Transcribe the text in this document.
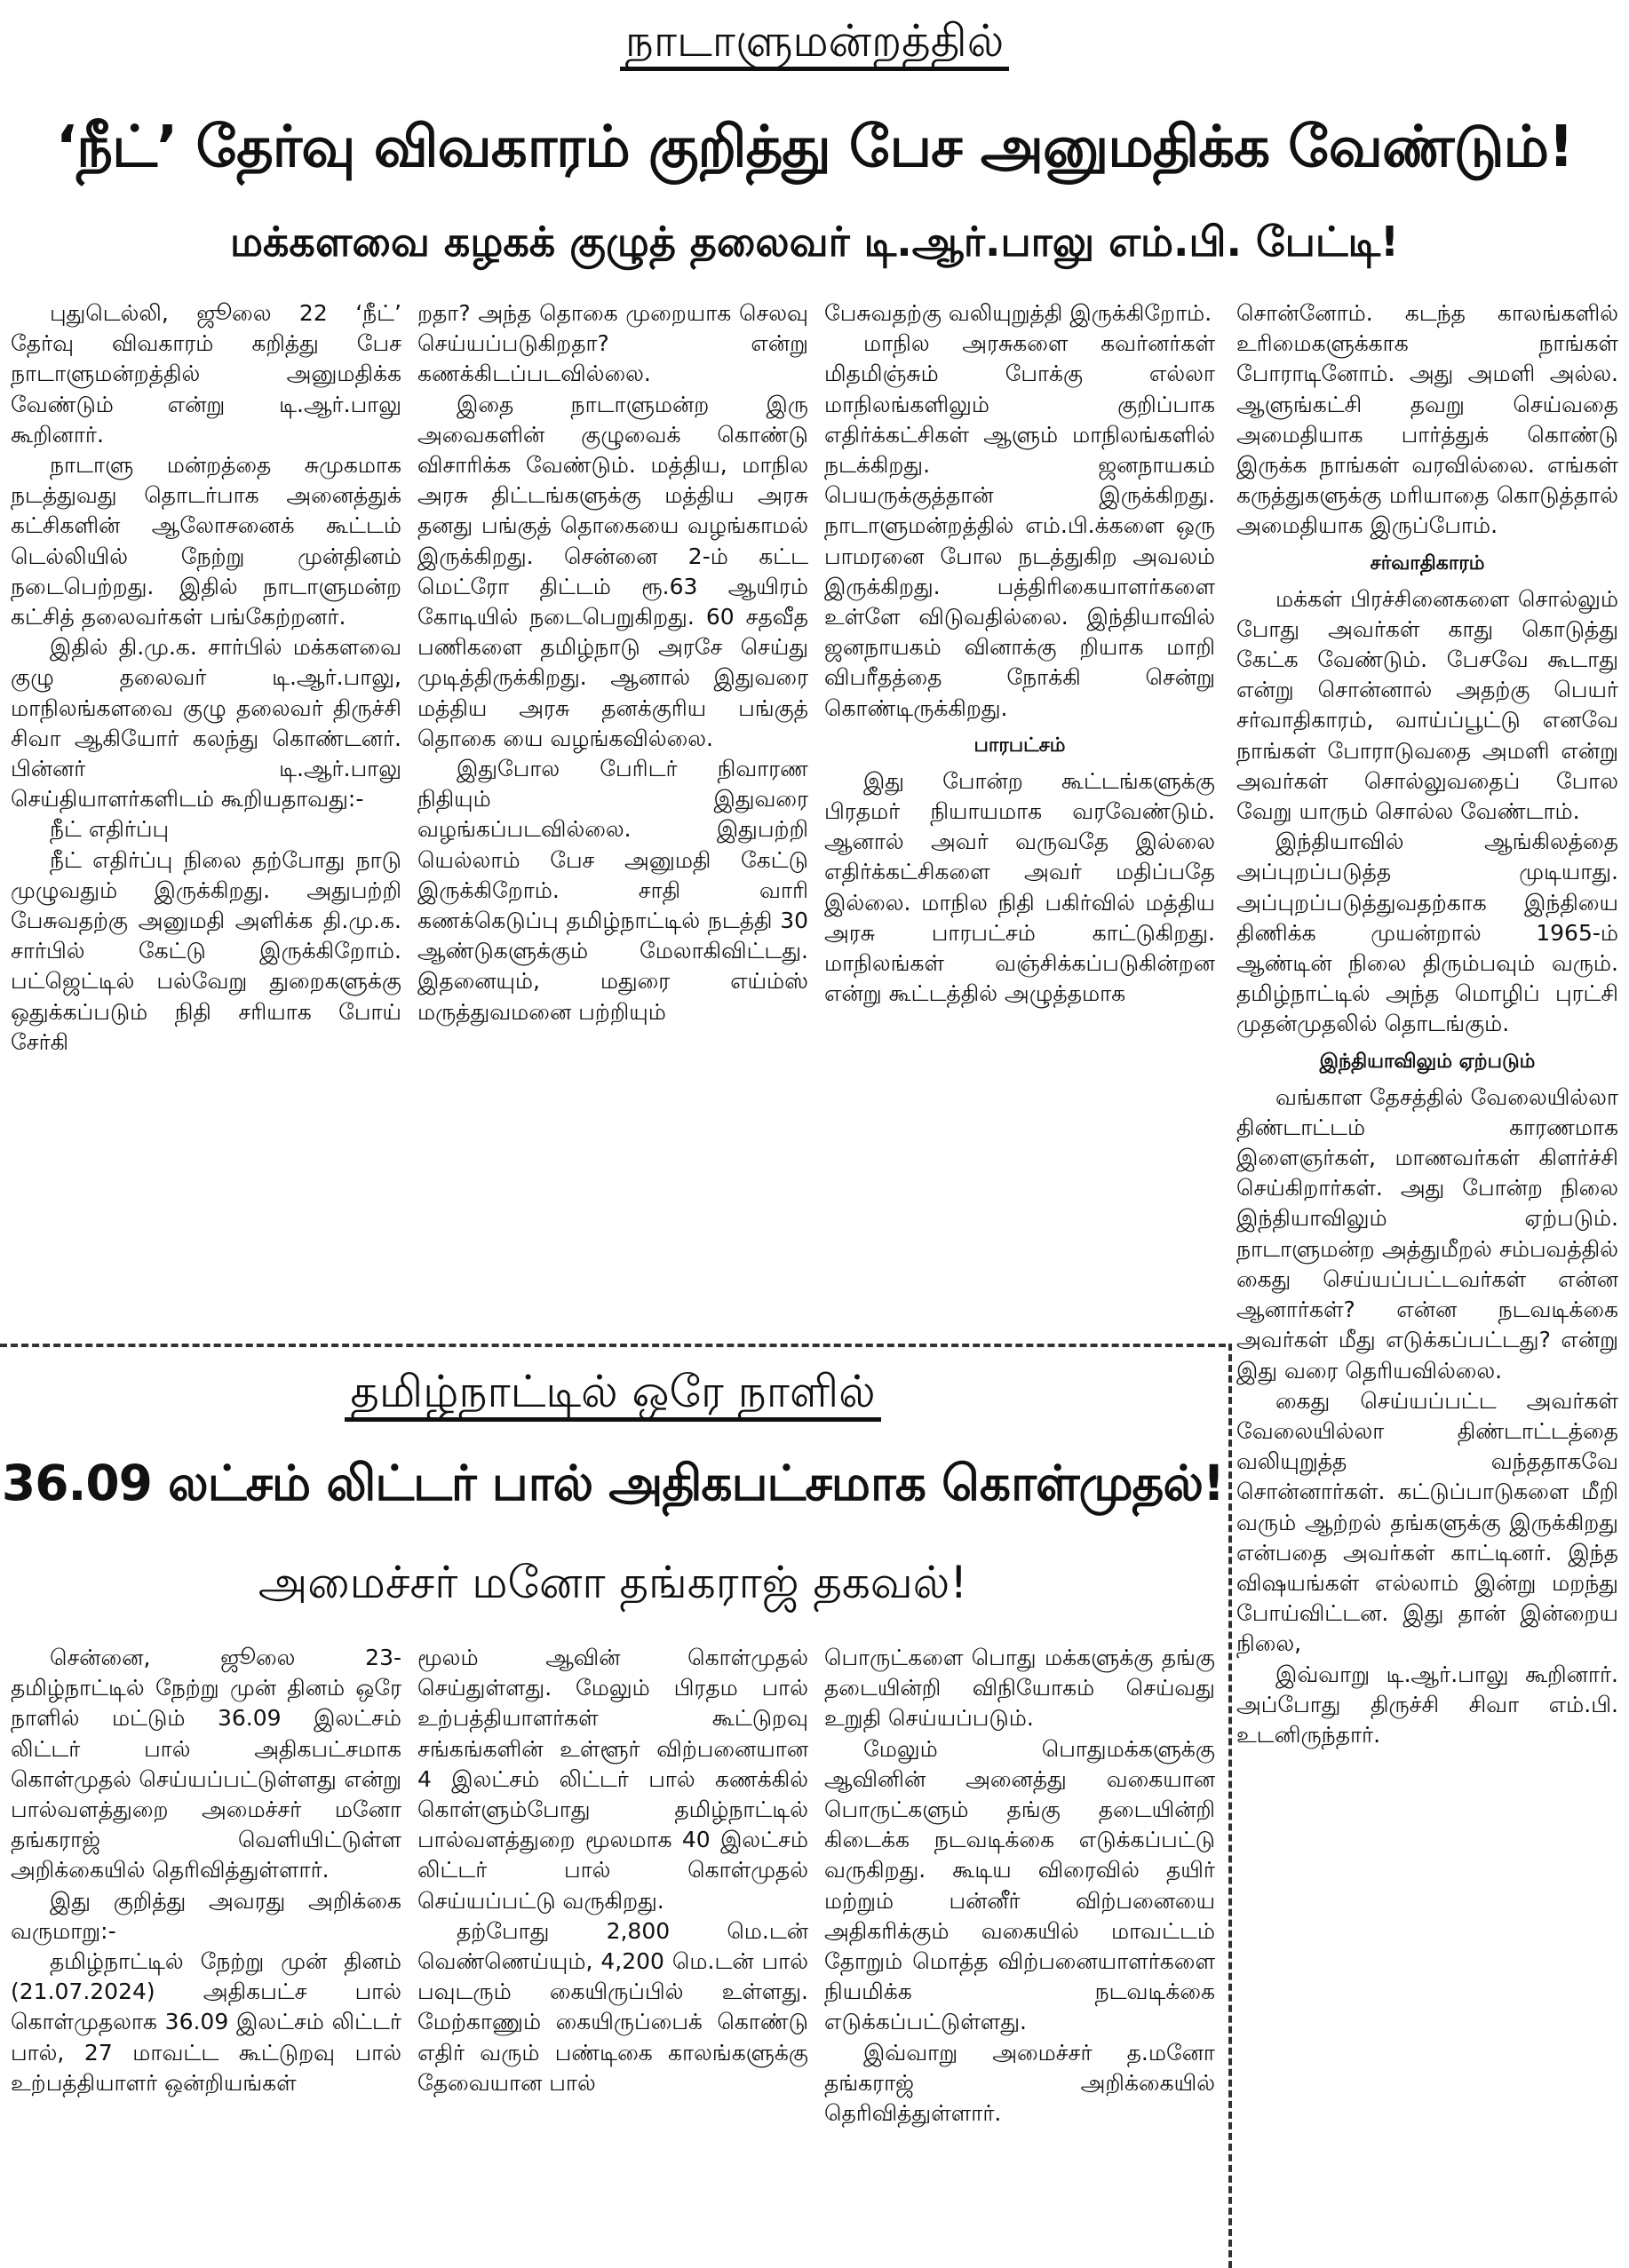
நாடாளுமன்றத்தில்
‘நீட்’ தேர்வு விவகாரம் குறித்து பேச அனுமதிக்க வேண்டும்!
மக்களவை கழகக் குழுத் தலைவர் டி.ஆர்.பாலு எம்.பி. பேட்டி!

புதுடெல்லி, ஜூலை 22 ‘நீட்’ தேர்வு விவகாரம் கறித்து பேச நாடாளுமன்றத்தில் அனுமதிக்க வேண்டும் என்று டி.ஆர்.பாலு கூறினார்.

நாடாளு மன்றத்தை சுமுகமாக நடத்துவது தொடர்பாக அனைத்துக் கட்சிகளின் ஆலோசனைக் கூட்டம் டெல்லியில் நேற்று முன்தினம் நடைபெற்றது. இதில் நாடாளுமன்ற கட்சித் தலைவர்கள் பங்கேற்றனர்.

இதில் தி.மு.க. சார்பில் மக்களவை குழு தலைவர் டி.ஆர்.பாலு, மாநிலங்களவை குழு தலைவர் திருச்சி சிவா ஆகியோர் கலந்து கொண்டனர். பின்னர் டி.ஆர்.பாலு செய்தியாளர்களிடம் கூறியதாவது:-

நீட் எதிர்ப்பு

நீட் எதிர்ப்பு நிலை தற்போது நாடு முழுவதும் இருக்கிறது. அதுபற்றி பேசுவதற்கு அனுமதி அளிக்க தி.மு.க. சார்பில் கேட்டு இருக்கிறோம். பட்ஜெட்டில் பல்வேறு துறைகளுக்கு ஒதுக்கப்படும் நிதி சரியாக போய் சேர்கி

றதா? அந்த தொகை முறையாக செலவு செய்யப்படுகிறதா? என்று கணக்கிடப்படவில்லை.

இதை நாடாளுமன்ற இரு அவைகளின் குழுவைக் கொண்டு விசாரிக்க வேண்டும். மத்திய, மாநில அரசு திட்டங்களுக்கு மத்திய அரசு தனது பங்குத் தொகையை வழங்காமல் இருக்கிறது. சென்னை 2-ம் கட்ட மெட்ரோ திட்டம் ரூ.63 ஆயிரம் கோடியில் நடைபெறுகிறது. 60 சதவீத பணிகளை தமிழ்நாடு அரசே செய்து முடித்திருக்கிறது. ஆனால் இதுவரை மத்திய அரசு தனக்குரிய பங்குத் தொகை யை வழங்கவில்லை.

இதுபோல பேரிடர் நிவாரண நிதியும் இதுவரை வழங்கப்படவில்லை. இதுபற்றி யெல்லாம் பேச அனுமதி கேட்டு இருக்கிறோம். சாதி வாரி கணக்கெடுப்பு தமிழ்நாட்டில் நடத்தி 30 ஆண்டுகளுக்கும் மேலாகிவிட்டது. இதனையும், மதுரை எய்ம்ஸ் மருத்துவமனை பற்றியும்

பேசுவதற்கு வலியுறுத்தி இருக்கிறோம்.

மாநில அரசுகளை கவர்னர்கள் மிதமிஞ்சும் போக்கு எல்லா மாநிலங்களிலும் குறிப்பாக எதிர்க்கட்சிகள் ஆளும் மாநிலங்களில் நடக்கிறது. ஜனநாயகம் பெயருக்குத்தான் இருக்கிறது. நாடாளுமன்றத்தில் எம்.பி.க்களை ஒரு பாமரனை போல நடத்துகிற அவலம் இருக்கிறது. பத்திரிகையாளர்களை உள்ளே விடுவதில்லை. இந்தியாவில் ஜனநாயகம் வினாக்கு றியாக மாறி விபரீதத்தை நோக்கி சென்று கொண்டிருக்கிறது.

பாரபட்சம்

இது போன்ற கூட்டங்களுக்கு பிரதமர் நியாயமாக வரவேண்டும். ஆனால் அவர் வருவதே இல்லை எதிர்க்கட்சிகளை அவர் மதிப்பதே இல்லை. மாநில நிதி பகிர்வில் மத்திய அரசு பாரபட்சம் காட்டுகிறது. மாநிலங்கள் வஞ்சிக்கப்படுகின்றன என்று கூட்டத்தில் அழுத்தமாக

சொன்னோம். கடந்த காலங்களில் உரிமைகளுக்காக நாங்கள் போராடினோம். அது அமளி அல்ல. ஆளுங்கட்சி தவறு செய்வதை அமைதியாக பார்த்துக் கொண்டு இருக்க நாங்கள் வரவில்லை. எங்கள் கருத்துகளுக்கு மரியாதை கொடுத்தால் அமைதியாக இருப்போம்.

சர்வாதிகாரம்

மக்கள் பிரச்சினைகளை சொல்லும் போது அவர்கள் காது கொடுத்து கேட்க வேண்டும். பேசவே கூடாது என்று சொன்னால் அதற்கு பெயர் சர்வாதிகாரம், வாய்ப்பூட்டு எனவே நாங்கள் போராடுவதை அமளி என்று அவர்கள் சொல்லுவதைப் போல வேறு யாரும் சொல்ல வேண்டாம்.

இந்தியாவில் ஆங்கிலத்தை அப்புறப்படுத்த முடியாது. அப்புறப்படுத்துவதற்காக இந்தியை திணிக்க முயன்றால் 1965-ம் ஆண்டின் நிலை திரும்பவும் வரும். தமிழ்நாட்டில் அந்த மொழிப் புரட்சி முதன்முதலில் தொடங்கும்.

இந்தியாவிலும் ஏற்படும்

வங்காள தேசத்தில் வேலையில்லா திண்டாட்டம் காரணமாக இளைஞர்கள், மாணவர்கள் கிளர்ச்சி செய்கிறார்கள். அது போன்ற நிலை இந்தியாவிலும் ஏற்படும். நாடாளுமன்ற அத்துமீறல் சம்பவத்தில் கைது செய்யப்பட்டவர்கள் என்ன ஆனார்கள்? என்ன நடவடிக்கை அவர்கள் மீது எடுக்கப்பட்டது? என்று இது வரை தெரியவில்லை.

கைது செய்யப்பட்ட அவர்கள் வேலையில்லா திண்டாட்டத்தை வலியுறுத்த வந்ததாகவே சொன்னார்கள். கட்டுப்பாடுகளை மீறி வரும் ஆற்றல் தங்களுக்கு இருக்கிறது என்பதை அவர்கள் காட்டினர். இந்த விஷயங்கள் எல்லாம் இன்று மறந்து போய்விட்டன. இது தான் இன்றைய நிலை,

இவ்வாறு டி.ஆர்.பாலு கூறினார். அப்போது திருச்சி சிவா எம்.பி. உடனிருந்தார்.

தமிழ்நாட்டில் ஒரே நாளில்
36.09 லட்சம் லிட்டர் பால் அதிகபட்சமாக கொள்முதல்!
அமைச்சர் மனோ தங்கராஜ் தகவல்!

சென்னை, ஜூலை 23- தமிழ்நாட்டில் நேற்று முன் தினம் ஒரே நாளில் மட்டும் 36.09 இலட்சம் லிட்டர் பால் அதிகபட்சமாக கொள்முதல் செய்யப்பட்டுள்ளது என்று பால்வளத்துறை அமைச்சர் மனோ தங்கராஜ் வெளியிட்டுள்ள அறிக்கையில் தெரிவித்துள்ளார்.

இது குறித்து அவரது அறிக்கை வருமாறு:-

தமிழ்நாட்டில் நேற்று முன் தினம் (21.07.2024) அதிகபட்ச பால் கொள்முதலாக 36.09 இலட்சம் லிட்டர் பால், 27 மாவட்ட கூட்டுறவு பால் உற்பத்தியாளர் ஒன்றியங்கள்

மூலம் ஆவின் கொள்முதல் செய்துள்ளது. மேலும் பிரதம பால் உற்பத்தியாளர்கள் கூட்டுறவு சங்கங்களின் உள்ளூர் விற்பனையான 4 இலட்சம் லிட்டர் பால் கணக்கில் கொள்ளும்போது தமிழ்நாட்டில் பால்வளத்துறை மூலமாக 40 இலட்சம் லிட்டர் பால் கொள்முதல் செய்யப்பட்டு வருகிறது.

தற்போது 2,800 மெ.டன் வெண்ணெய்யும், 4,200 மெ.டன் பால் பவுடரும் கையிருப்பில் உள்ளது. மேற்காணும் கையிருப்பைக் கொண்டு எதிர் வரும் பண்டிகை காலங்களுக்கு தேவையான பால்

பொருட்களை பொது மக்களுக்கு தங்கு தடையின்றி விநியோகம் செய்வது உறுதி செய்யப்படும்.

மேலும் பொதுமக்களுக்கு ஆவினின் அனைத்து வகையான பொருட்களும் தங்கு தடையின்றி கிடைக்க நடவடிக்கை எடுக்கப்பட்டு வருகிறது. கூடிய விரைவில் தயிர் மற்றும் பன்னீர் விற்பனையை அதிகரிக்கும் வகையில் மாவட்டம் தோறும் மொத்த விற்பனையாளர்களை நியமிக்க நடவடிக்கை எடுக்கப்பட்டுள்ளது.

இவ்வாறு அமைச்சர் த.மனோ தங்கராஜ் அறிக்கையில் தெரிவித்துள்ளார்.
